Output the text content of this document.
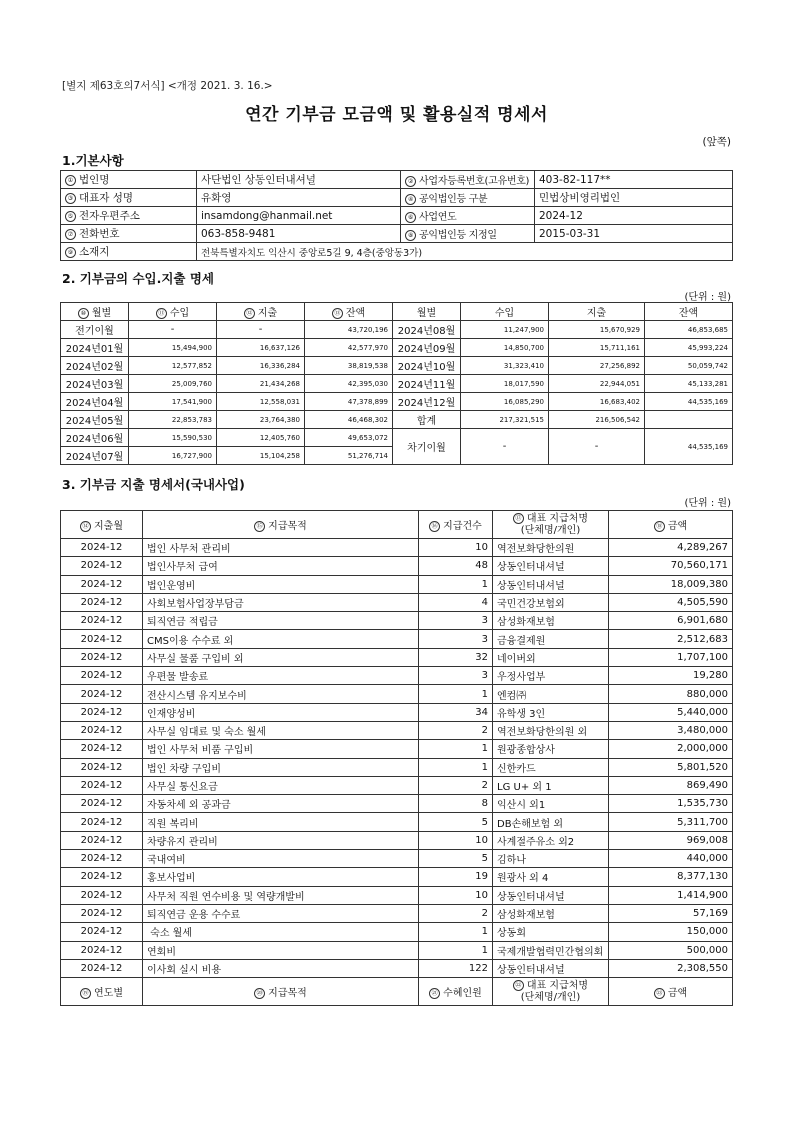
[별지 제63호의7서식] <개정 2021. 3. 16.>
연간 기부금 모금액 및 활용실적 명세서
(앞쪽)
1.기본사항
① 법인명	사단법인 상동인터내셔널	② 사업자등록번호(고유번호)	403-82-117**
③ 대표자 성명	유화영	④ 공익법인등 구분	민법상비영리법인
⑤ 전자우편주소	insamdong@hanmail.net	⑥ 사업연도	2024-12
⑦ 전화번호	063-858-9481	⑧ 공익법인등 지정일	2015-03-31
⑨ 소재지	전북특별자치도 익산시 중앙로5길 9, 4층(중앙동3가)		
2. 기부금의 수입.지출 명세
(단위 : 원)
⑩ 월별	⑪ 수입	⑫ 지출	⑬ 잔액	월별	수입	지출	잔액
전기이월	-	-	43,720,196	2024년08월	11,247,900	15,670,929	46,853,685
2024년01월	15,494,900	16,637,126	42,577,970	2024년09월	14,850,700	15,711,161	45,993,224
2024년02월	12,577,852	16,336,284	38,819,538	2024년10월	31,323,410	27,256,892	50,059,742
2024년03월	25,009,760	21,434,268	42,395,030	2024년11월	18,017,590	22,944,051	45,133,281
2024년04월	17,541,900	12,558,031	47,378,899	2024년12월	16,085,290	16,683,402	44,535,169
2024년05월	22,853,783	23,764,380	46,468,302	합계	217,321,515	216,506,542	
2024년06월	15,590,530	12,405,760	49,653,072	차기이월	-	-	44,535,169
2024년07월	16,727,900	15,104,258	51,276,714				
3. 기부금 지출 명세서(국내사업)
(단위 : 원)
⑭ 지출월	⑮ 지급목적	⑯ 지급건수	⑰ 대표 지급처명
(단체명/개인)	⑱ 금액
2024-12	법인 사무처 관리비	10	역전보화당한의원	4,289,267
2024-12	법인사무처 급여	48	상동인터내셔널	70,560,171
2024-12	법인운영비	1	상동인터내셔널	18,009,380
2024-12	사회보험사업장부담금	4	국민건강보험외	4,505,590
2024-12	퇴직연금 적립금	3	삼성화재보험	6,901,680
2024-12	CMS이용 수수료 외	3	금융결제원	2,512,683
2024-12	사무실 물품 구입비 외	32	네이버외	1,707,100
2024-12	우편물 발송료	3	우정사업부	19,280
2024-12	전산시스템 유지보수비	1	엔컴㈜	880,000
2024-12	인재양성비	34	유학생 3인	5,440,000
2024-12	사무실 임대료 및 숙소 월세	2	역전보화당한의원 외	3,480,000
2024-12	법인 사무처 비품 구입비	1	원광종합상사	2,000,000
2024-12	법인 차량 구입비	1	신한카드	5,801,520
2024-12	사무실 통신요금	2	LG U+ 외 1	869,490
2024-12	자동차세 외 공과금	8	익산시 외1	1,535,730
2024-12	직원 복리비	5	DB손해보험 외	5,311,700
2024-12	차량유지 관리비	10	사계절주유소 외2	969,008
2024-12	국내여비	5	김하나	440,000
2024-12	홍보사업비	19	원광사 외 4	8,377,130
2024-12	사무처 직원 연수비용 및 역량개발비	10	상동인터내셔널	1,414,900
2024-12	퇴직연금 운용 수수료	2	삼성화재보험	57,169
2024-12	숙소 월세	1	상동회	150,000
2024-12	연회비	1	국제개발협력민간협의회	500,000
2024-12	이사회 실시 비용	122	상동인터내셔널	2,308,550
⑲ 연도별	⑳ 지급목적	㉑ 수혜인원	㉒ 대표 지급처명
(단체명/개인)	㉓ 금액
